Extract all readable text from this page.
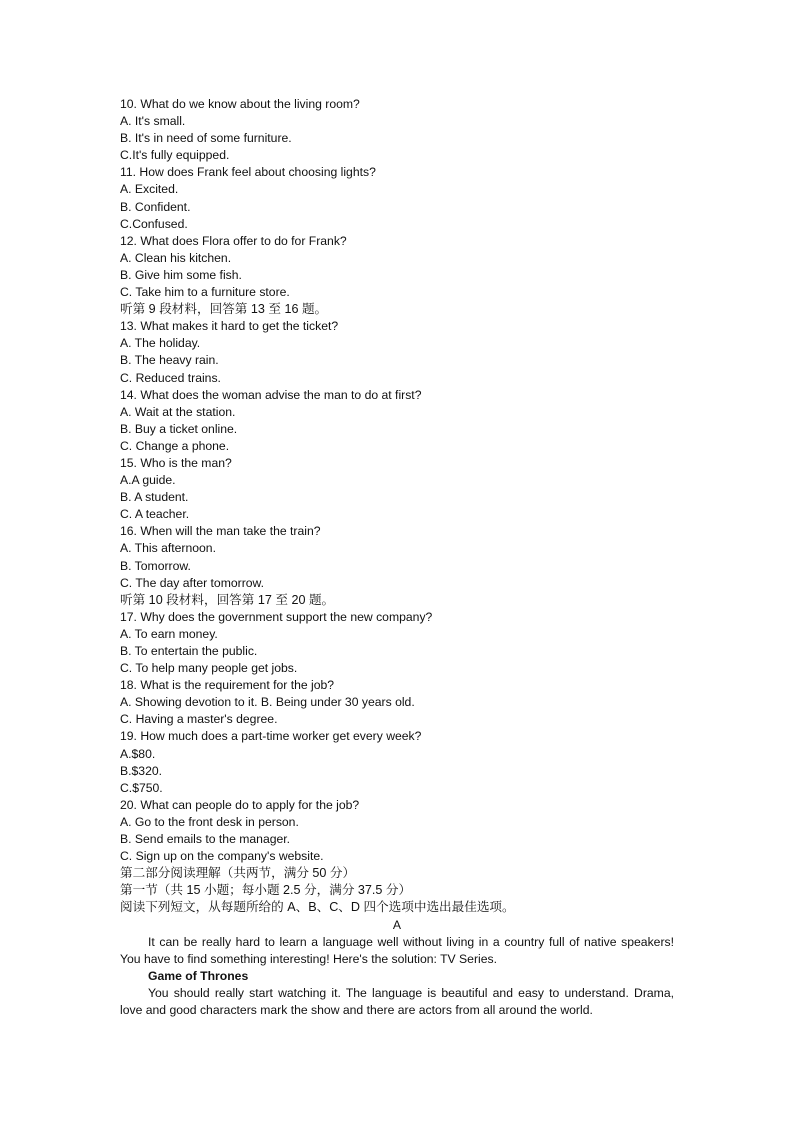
10. What do we know about the living room?
A. It's small.
B. It's in need of some furniture.
C.It's fully equipped.
11. How does Frank feel about choosing lights?
A. Excited.
B. Confident.
C.Confused.
12. What does Flora offer to do for Frank?
A. Clean his kitchen.
B. Give him some fish.
C. Take him to a furniture store.
听第 9 段材料，回答第 13 至 16 题。
13. What makes it hard to get the ticket?
A. The holiday.
B. The heavy rain.
C. Reduced trains.
14. What does the woman advise the man to do at first?
A. Wait at the station.
B. Buy a ticket online.
C. Change a phone.
15. Who is the man?
A.A guide.
B. A student.
C. A teacher.
16. When will the man take the train?
A. This afternoon.
B. Tomorrow.
C. The day after tomorrow.
听第 10 段材料，回答第 17 至 20 题。
17. Why does the government support the new company?
A. To earn money.
B. To entertain the public.
C. To help many people get jobs.
18. What is the requirement for the job?
A. Showing devotion to it. B. Being under 30 years old.
C. Having a master's degree.
19. How much does a part-time worker get every week?
A.$80.
B.$320.
C.$750.
20. What can people do to apply for the job?
A. Go to the front desk in person.
B. Send emails to the manager.
C. Sign up on the company's website.
第二部分阅读理解（共两节，满分 50 分）
第一节（共 15 小题；每小题 2.5 分，满分 37.5 分）
阅读下列短文，从每题所给的 A、B、C、D 四个选项中选出最佳选项。
A
It can be really hard to learn a language well without living in a country full of native speakers! You have to find something interesting! Here's the solution: TV Series.
Game of Thrones
You should really start watching it. The language is beautiful and easy to understand. Drama, love and good characters mark the show and there are actors from all around the world.
